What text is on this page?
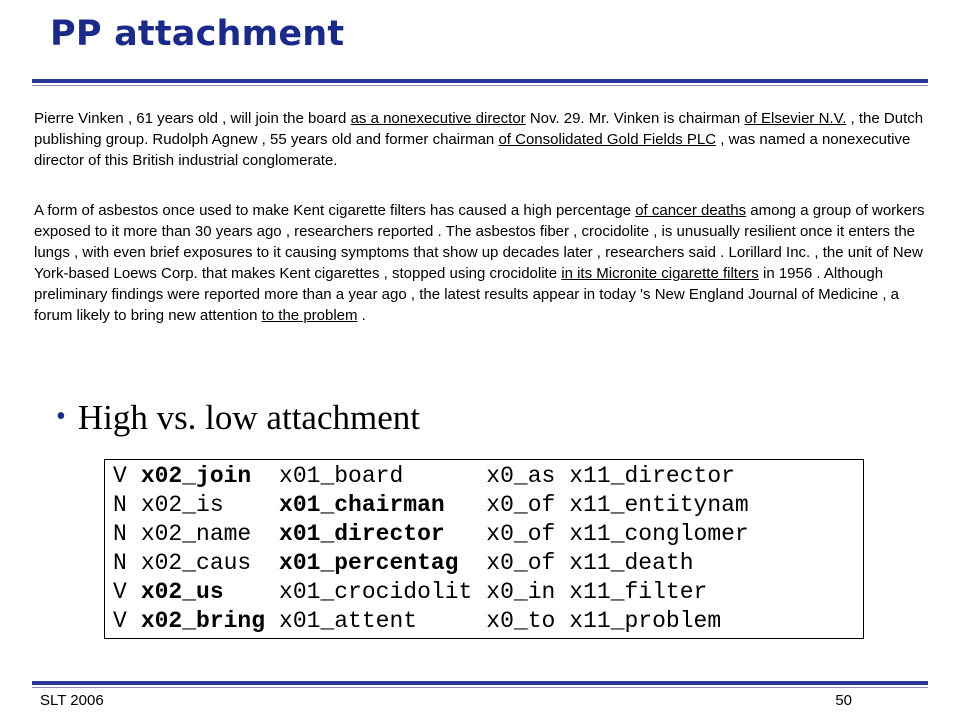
PP attachment

Pierre Vinken , 61 years old , will join the board as a nonexecutive director Nov. 29. Mr. Vinken is chairman of Elsevier N.V. , the Dutch publishing group. Rudolph Agnew , 55 years old and former chairman of Consolidated Gold Fields PLC , was named a nonexecutive director of this British industrial conglomerate.

A form of asbestos once used to make Kent cigarette filters has caused a high percentage of cancer deaths among a group of workers exposed to it more than 30 years ago , researchers reported . The asbestos fiber , crocidolite , is unusually resilient once it enters the lungs , with even brief exposures to it causing symptoms that show up decades later , researchers said . Lorillard Inc. , the unit of New York-based Loews Corp. that makes Kent cigarettes , stopped using crocidolite in its Micronite cigarette filters in 1956 . Although preliminary findings were reported more than a year ago , the latest results appear in today 's New England Journal of Medicine , a forum likely to bring new attention to the problem .

• High vs. low attachment
V	x02_join	x01_board	x0_as	x11_director
N	x02_is	x01_chairman	x0_of	x11_entitynam
N	x02_name	x01_director	x0_of	x11_conglomer
N	x02_caus	x01_percentag	x0_of	x11_death
V	x02_us	x01_crocidolit	x0_in	x11_filter
V	x02_bring	x01_attent	x0_to	x11_problem
SLT 2006	50
